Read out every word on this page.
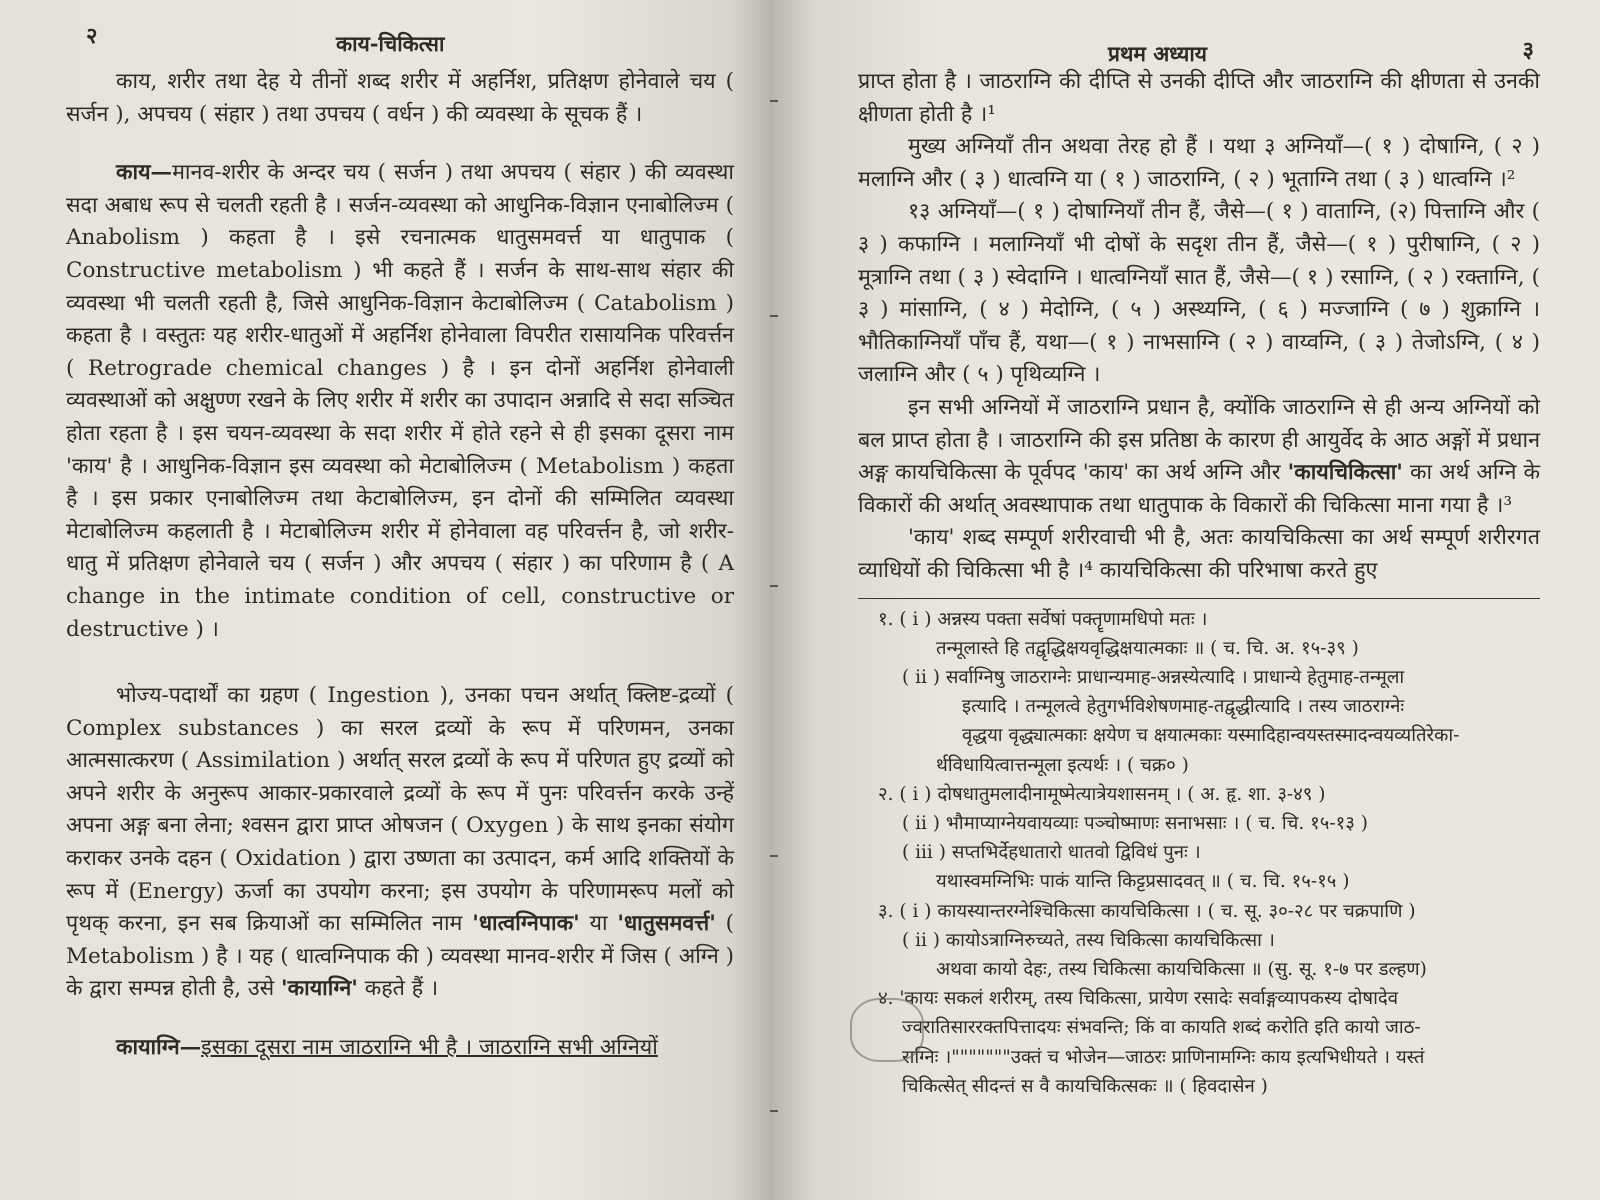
२	काय-चिकित्सा

काय, शरीर तथा देह ये तीनों शब्द शरीर में अहर्निश, प्रतिक्षण होनेवाले चय ( सर्जन ), अपचय ( संहार ) तथा उपचय ( वर्धन ) की व्यवस्था के सूचक हैं ।

काय—मानव-शरीर के अन्दर चय ( सर्जन ) तथा अपचय ( संहार ) की व्यवस्था सदा अबाध रूप से चलती रहती है । सर्जन-व्यवस्था को आधुनिक-विज्ञान एनाबोलिज्म ( Anabolism ) कहता है । इसे रचनात्मक धातुसमवर्त्त या धातुपाक ( Constructive metabolism ) भी कहते हैं । सर्जन के साथ-साथ संहार की व्यवस्था भी चलती रहती है, जिसे आधुनिक-विज्ञान केटाबोलिज्म ( Catabolism ) कहता है । वस्तुतः यह शरीर-धातुओं में अहर्निश होनेवाला विपरीत रासायनिक परिवर्त्तन ( Retrograde chemical changes ) है । इन दोनों अहर्निश होनेवाली व्यवस्थाओं को अक्षुण्ण रखने के लिए शरीर में शरीर का उपादान अन्नादि से सदा सञ्चित होता रहता है । इस चयन-व्यवस्था के सदा शरीर में होते रहने से ही इसका दूसरा नाम 'काय' है । आधुनिक-विज्ञान इस व्यवस्था को मेटाबोलिज्म ( Metabolism ) कहता है । इस प्रकार एनाबोलिज्म तथा केटाबोलिज्म, इन दोनों की सम्मिलित व्यवस्था मेटाबोलिज्म कहलाती है । मेटाबोलिज्म शरीर में होनेवाला वह परिवर्त्तन है, जो शरीर-धातु में प्रतिक्षण होनेवाले चय ( सर्जन ) और अपचय ( संहार ) का परिणाम है ( A change in the intimate condition of cell, constructive or destructive ) ।

भोज्य-पदार्थों का ग्रहण ( Ingestion ), उनका पचन अर्थात् क्लिष्ट-द्रव्यों ( Complex substances ) का सरल द्रव्यों के रूप में परिणमन, उनका आत्मसात्करण ( Assimilation ) अर्थात् सरल द्रव्यों के रूप में परिणत हुए द्रव्यों को अपने शरीर के अनुरूप आकार-प्रकारवाले द्रव्यों के रूप में पुनः परिवर्त्तन करके उन्हें अपना अङ्ग बना लेना; श्वसन द्वारा प्राप्त ओषजन ( Oxygen ) के साथ इनका संयोग कराकर उनके दहन ( Oxidation ) द्वारा उष्णता का उत्पादन, कर्म आदि शक्तियों के रूप में (Energy) ऊर्जा का उपयोग करना; इस उपयोग के परिणामरूप मलों को पृथक् करना, इन सब क्रियाओं का सम्मिलित नाम 'धात्वग्निपाक' या 'धातुसमवर्त्त' ( Metabolism ) है । यह ( धात्वग्निपाक की ) व्यवस्था मानव-शरीर में जिस ( अग्नि ) के द्वारा सम्पन्न होती है, उसे 'कायाग्नि' कहते हैं ।

कायाग्नि—इसका दूसरा नाम जाठराग्नि भी है । जाठराग्नि सभी अग्नियों

प्रथम अध्याय	३

प्राप्त होता है । जाठराग्नि की दीप्ति से उनकी दीप्ति और जाठराग्नि की क्षीणता से उनकी क्षीणता होती है ।¹

मुख्य अग्नियाँ तीन अथवा तेरह हो हैं । यथा ३ अग्नियाँ—( १ ) दोषाग्नि, ( २ ) मलाग्नि और ( ३ ) धात्वग्नि या ( १ ) जाठराग्नि, ( २ ) भूताग्नि तथा ( ३ ) धात्वग्नि ।²

१३ अग्नियाँ—( १ ) दोषाग्नियाँ तीन हैं, जैसे—( १ ) वाताग्नि, (२) पित्ताग्नि और ( ३ ) कफाग्नि । मलाग्नियाँ भी दोषों के सदृश तीन हैं, जैसे—( १ ) पुरीषाग्नि, ( २ ) मूत्राग्नि तथा ( ३ ) स्वेदाग्नि । धात्वग्नियाँ सात हैं, जैसे—( १ ) रसाग्नि, ( २ ) रक्ताग्नि, ( ३ ) मांसाग्नि, ( ४ ) मेदोग्नि, ( ५ ) अस्थ्यग्नि, ( ६ ) मज्जाग्नि ( ७ ) शुक्राग्नि । भौतिकाग्नियाँ पाँच हैं, यथा—( १ ) नाभसाग्नि ( २ ) वाय्वग्नि, ( ३ ) तेजोऽग्नि, ( ४ ) जलाग्नि और ( ५ ) पृथिव्यग्नि ।

इन सभी अग्नियों में जाठराग्नि प्रधान है, क्योंकि जाठराग्नि से ही अन्य अग्नियों को बल प्राप्त होता है । जाठराग्नि की इस प्रतिष्ठा के कारण ही आयुर्वेद के आठ अङ्गों में प्रधान अङ्ग कायचिकित्सा के पूर्वपद 'काय' का अर्थ अग्नि और 'कायचिकित्सा' का अर्थ अग्नि के विकारों की अर्थात् अवस्थापाक तथा धातुपाक के विकारों की चिकित्सा माना गया है ।³

'काय' शब्द सम्पूर्ण शरीरवाची भी है, अतः कायचिकित्सा का अर्थ सम्पूर्ण शरीरगत व्याधियों की चिकित्सा भी है ।⁴ कायचिकित्सा की परिभाषा करते हुए

१. ( i ) अन्नस्य पक्ता सर्वेषां पक्तॄणामधिपो मतः ।
तन्मूलास्ते हि तद्वृद्धिक्षयवृद्धिक्षयात्मकाः ॥ ( च. चि. अ. १५-३९ )
( ii ) सर्वाग्निषु जाठराग्नेः प्राधान्यमाह-अन्नस्येत्यादि । प्राधान्ये हेतुमाह-तन्मूला
इत्यादि । तन्मूलत्वे हेतुगर्भविशेषणमाह-तद्वृद्धीत्यादि । तस्य जाठराग्नेः
वृद्धया वृद्ध्यात्मकाः क्षयेण च क्षयात्मकाः यस्मादिहान्वयस्तस्मादन्वयव्यतिरेका-
र्थविधायित्वात्तन्मूला इत्यर्थः । ( चक्र० )
२. ( i ) दोषधातुमलादीनामूष्मेत्यात्रेयशासनम् । ( अ. हृ. शा. ३-४९ )
( ii ) भौमाप्याग्नेयवायव्याः पञ्चोष्माणः सनाभसाः । ( च. चि. १५-१३ )
( iii ) सप्तभिर्देहधातारो धातवो द्विविधं पुनः ।
यथास्वमग्निभिः पाकं यान्ति किट्टप्रसादवत् ॥ ( च. चि. १५-१५ )
३. ( i ) कायस्यान्तरग्नेश्चिकित्सा कायचिकित्सा । ( च. सू. ३०-२८ पर चक्रपाणि )
( ii ) कायोऽत्राग्निरुच्यते, तस्य चिकित्सा कायचिकित्सा ।
अथवा कायो देहः, तस्य चिकित्सा कायचिकित्सा ॥ (सु. सू. १-७ पर डल्हण)
४. 'कायः सकलं शरीरम्, तस्य चिकित्सा, प्रायेण रसादेः सर्वाङ्गव्यापकस्य दोषादेव
ज्वरातिसाररक्तपित्तादयः संभवन्ति; किं वा कायति शब्दं करोति इति कायो जाठ-
राग्निः ।"""""""उक्तं च भोजेन—जाठरः प्राणिनामग्निः काय इत्यभिधीयते । यस्तं
चिकित्सेत् सीदन्तं स वै कायचिकित्सकः ॥ ( हिवदासेन )
